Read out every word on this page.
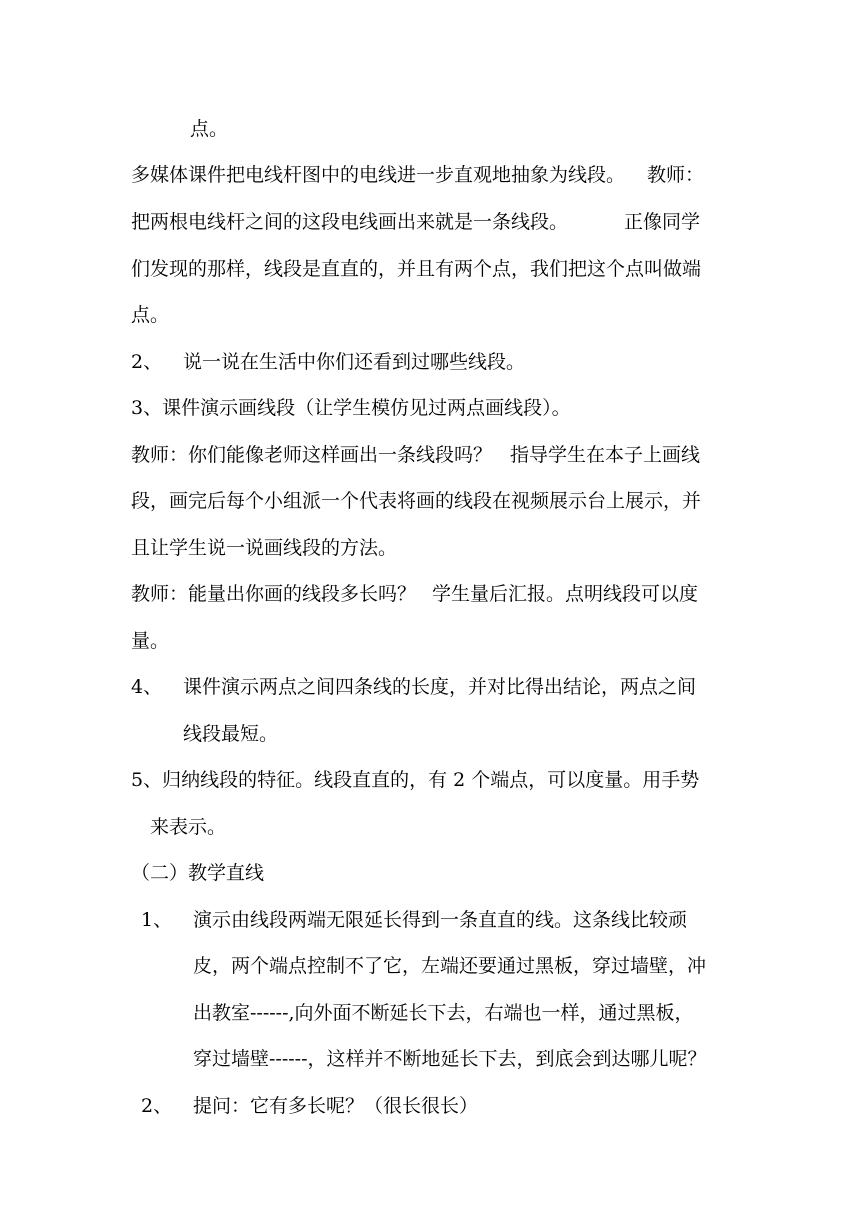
点。
多媒体课件把电线杆图中的电线进一步直观地抽象为线段。 教师：
把两根电线杆之间的这段电线画出来就是一条线段。	正像同学
们发现的那样，线段是直直的，并且有两个点，我们把这个点叫做端
点。
2、 说一说在生活中你们还看到过哪些线段。
3、课件演示画线段（让学生模仿见过两点画线段）。
教师：你们能像老师这样画出一条线段吗？ 指导学生在本子上画线
段，画完后每个小组派一个代表将画的线段在视频展示台上展示，并
且让学生说一说画线段的方法。
教师：能量出你画的线段多长吗？ 学生量后汇报。点明线段可以度
量。
4、 课件演示两点之间四条线的长度，并对比得出结论，两点之间
线段最短。
5、归纳线段的特征。线段直直的，有 2 个端点，可以度量。用手势
来表示。
（二）教学直线
1、 演示由线段两端无限延长得到一条直直的线。这条线比较顽
皮，两个端点控制不了它，左端还要通过黑板，穿过墙壁，冲
出教室------,向外面不断延长下去，右端也一样，通过黑板，
穿过墙壁------，这样并不断地延长下去，到底会到达哪儿呢？
2、 提问：它有多长呢？（很长很长）
